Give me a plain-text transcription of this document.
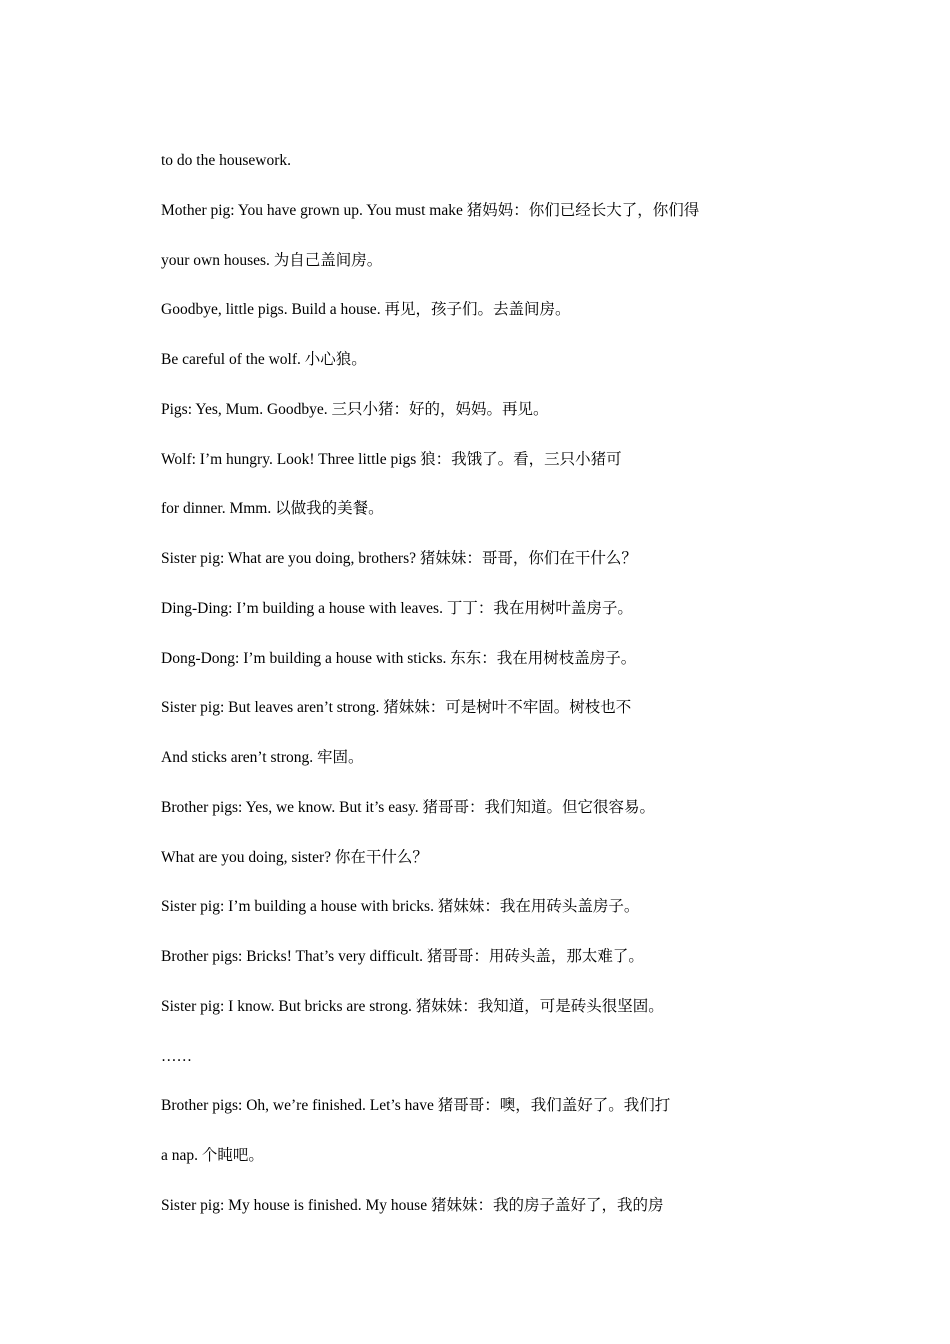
to do the housework.
Mother pig: You have grown up. You must make 猪妈妈：你们已经长大了，你们得
your own houses. 为自己盖间房。
Goodbye, little pigs. Build a house. 再见，孩子们。去盖间房。
Be careful of the wolf. 小心狼。
Pigs: Yes, Mum. Goodbye. 三只小猪：好的，妈妈。再见。
Wolf: I’m hungry. Look! Three little pigs 狼：我饿了。看，三只小猪可
for dinner. Mmm. 以做我的美餐。
Sister pig: What are you doing, brothers? 猪妹妹：哥哥，你们在干什么？
Ding-Ding: I’m building a house with leaves. 丁丁：我在用树叶盖房子。
Dong-Dong: I’m building a house with sticks. 东东：我在用树枝盖房子。
Sister pig: But leaves aren’t strong. 猪妹妹：可是树叶不牢固。树枝也不
And sticks aren’t strong. 牢固。
Brother pigs: Yes, we know. But it’s easy. 猪哥哥：我们知道。但它很容易。
What are you doing, sister? 你在干什么？
Sister pig: I’m building a house with bricks. 猪妹妹：我在用砖头盖房子。
Brother pigs: Bricks! That’s very difficult. 猪哥哥：用砖头盖，那太难了。
Sister pig: I know. But bricks are strong. 猪妹妹：我知道，可是砖头很坚固。
……
Brother pigs: Oh, we’re finished. Let’s have 猪哥哥：噢，我们盖好了。我们打
a nap. 个盹吧。
Sister pig: My house is finished. My house 猪妹妹：我的房子盖好了，我的房
